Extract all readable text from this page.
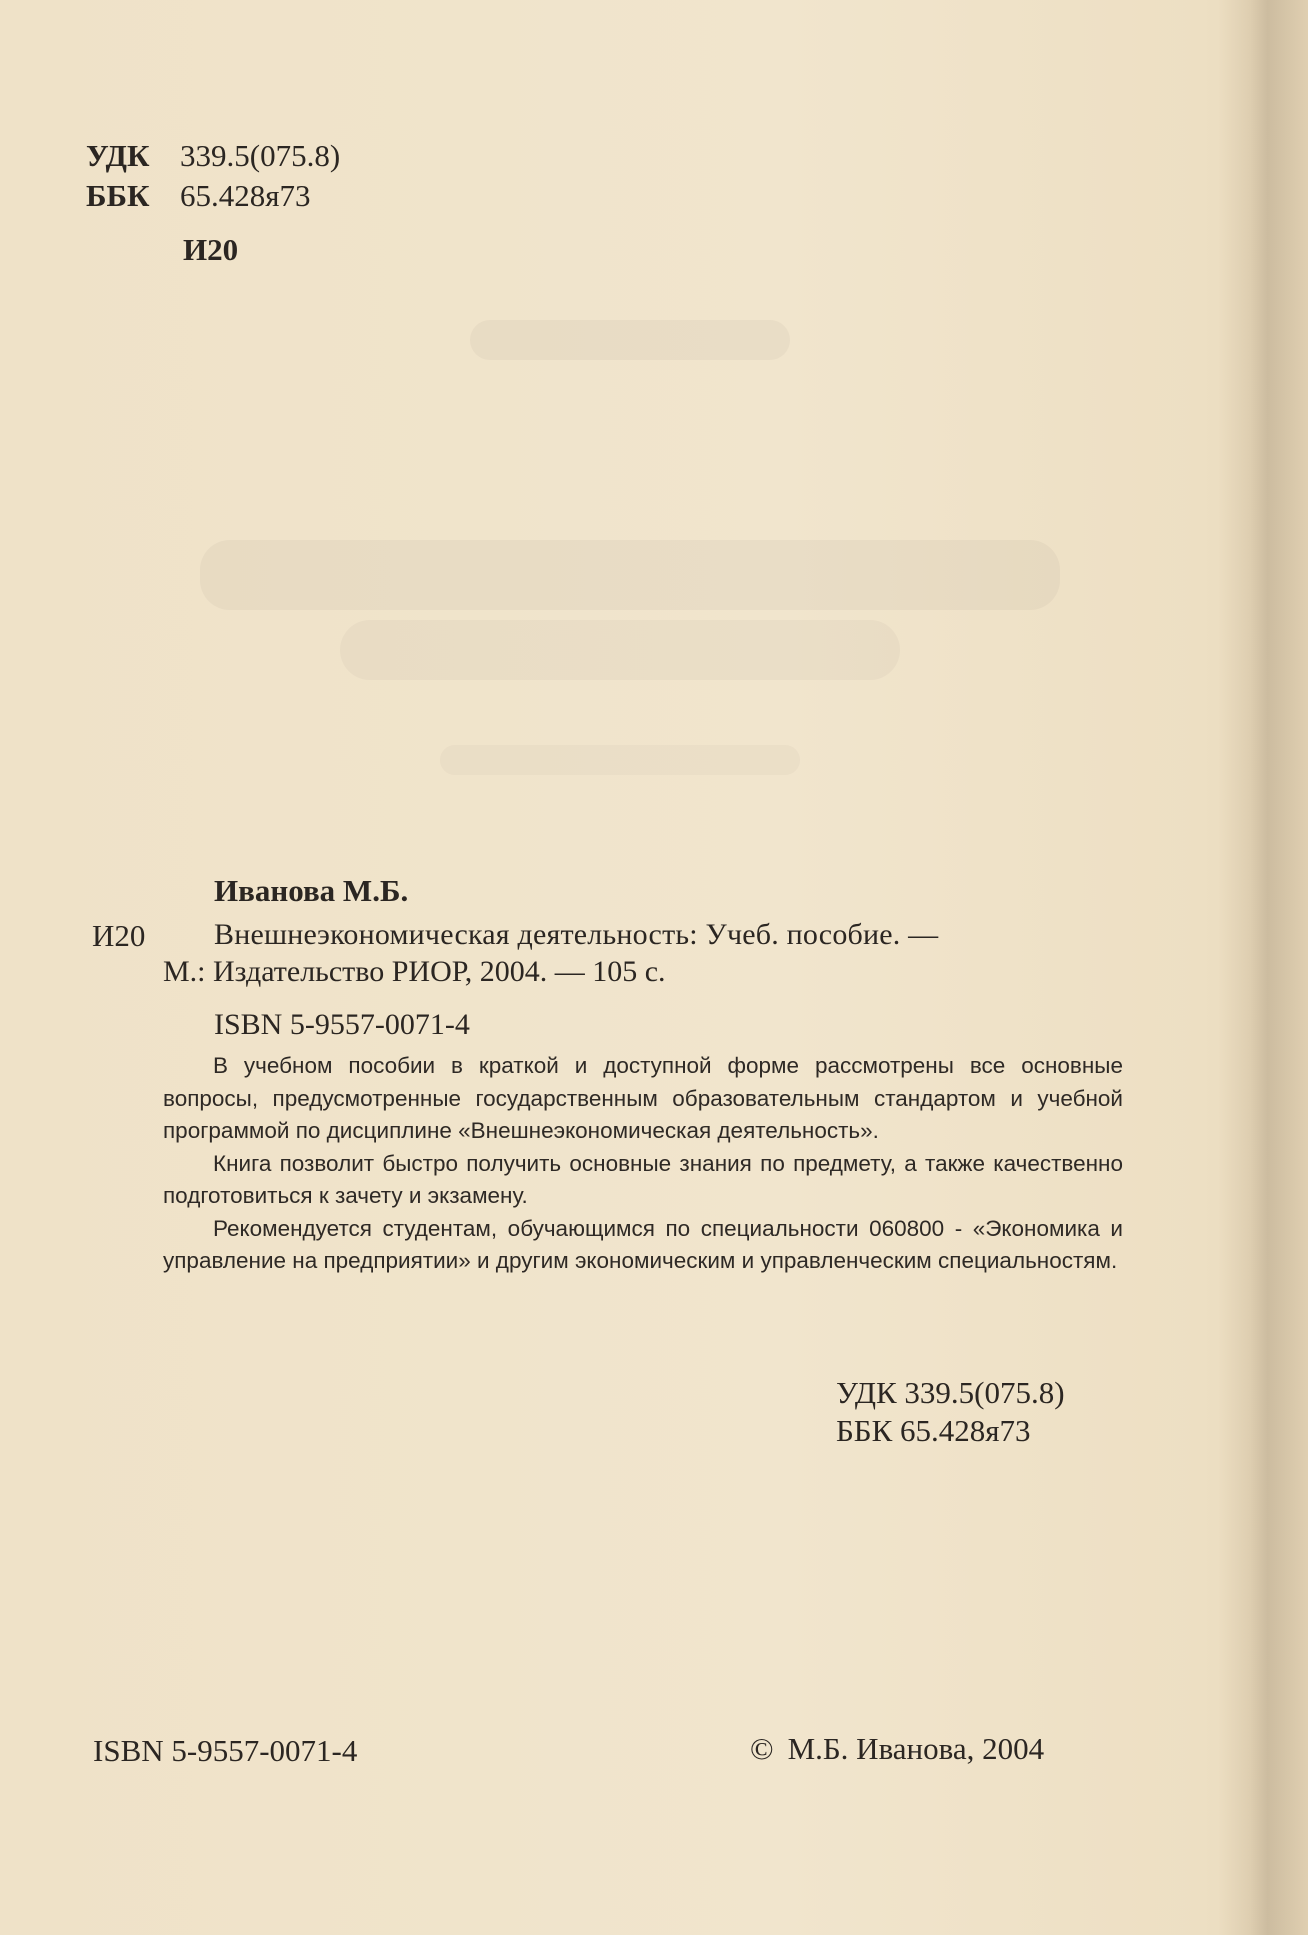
УДК 339.5(075.8)
ББК 65.428я73
И20
Иванова М.Б.
И20 Внешнеэкономическая деятельность: Учеб. пособие. —
М.: Издательство РИОР, 2004. — 105 с.
ISBN 5-9557-0071-4

В учебном пособии в краткой и доступной форме рассмотрены все основные вопросы, предусмотренные государственным образовательным стандартом и учебной программой по дисциплине «Внешнеэкономическая деятельность».

Книга позволит быстро получить основные знания по предмету, а также качественно подготовиться к зачету и экзамену.

Рекомендуется студентам, обучающимся по специальности 060800 - «Экономика и управление на предприятии» и другим экономическим и управленческим специальностям.

УДК 339.5(075.8)
ББК 65.428я73
ISBN 5-9557-0071-4	© М.Б. Иванова, 2004
